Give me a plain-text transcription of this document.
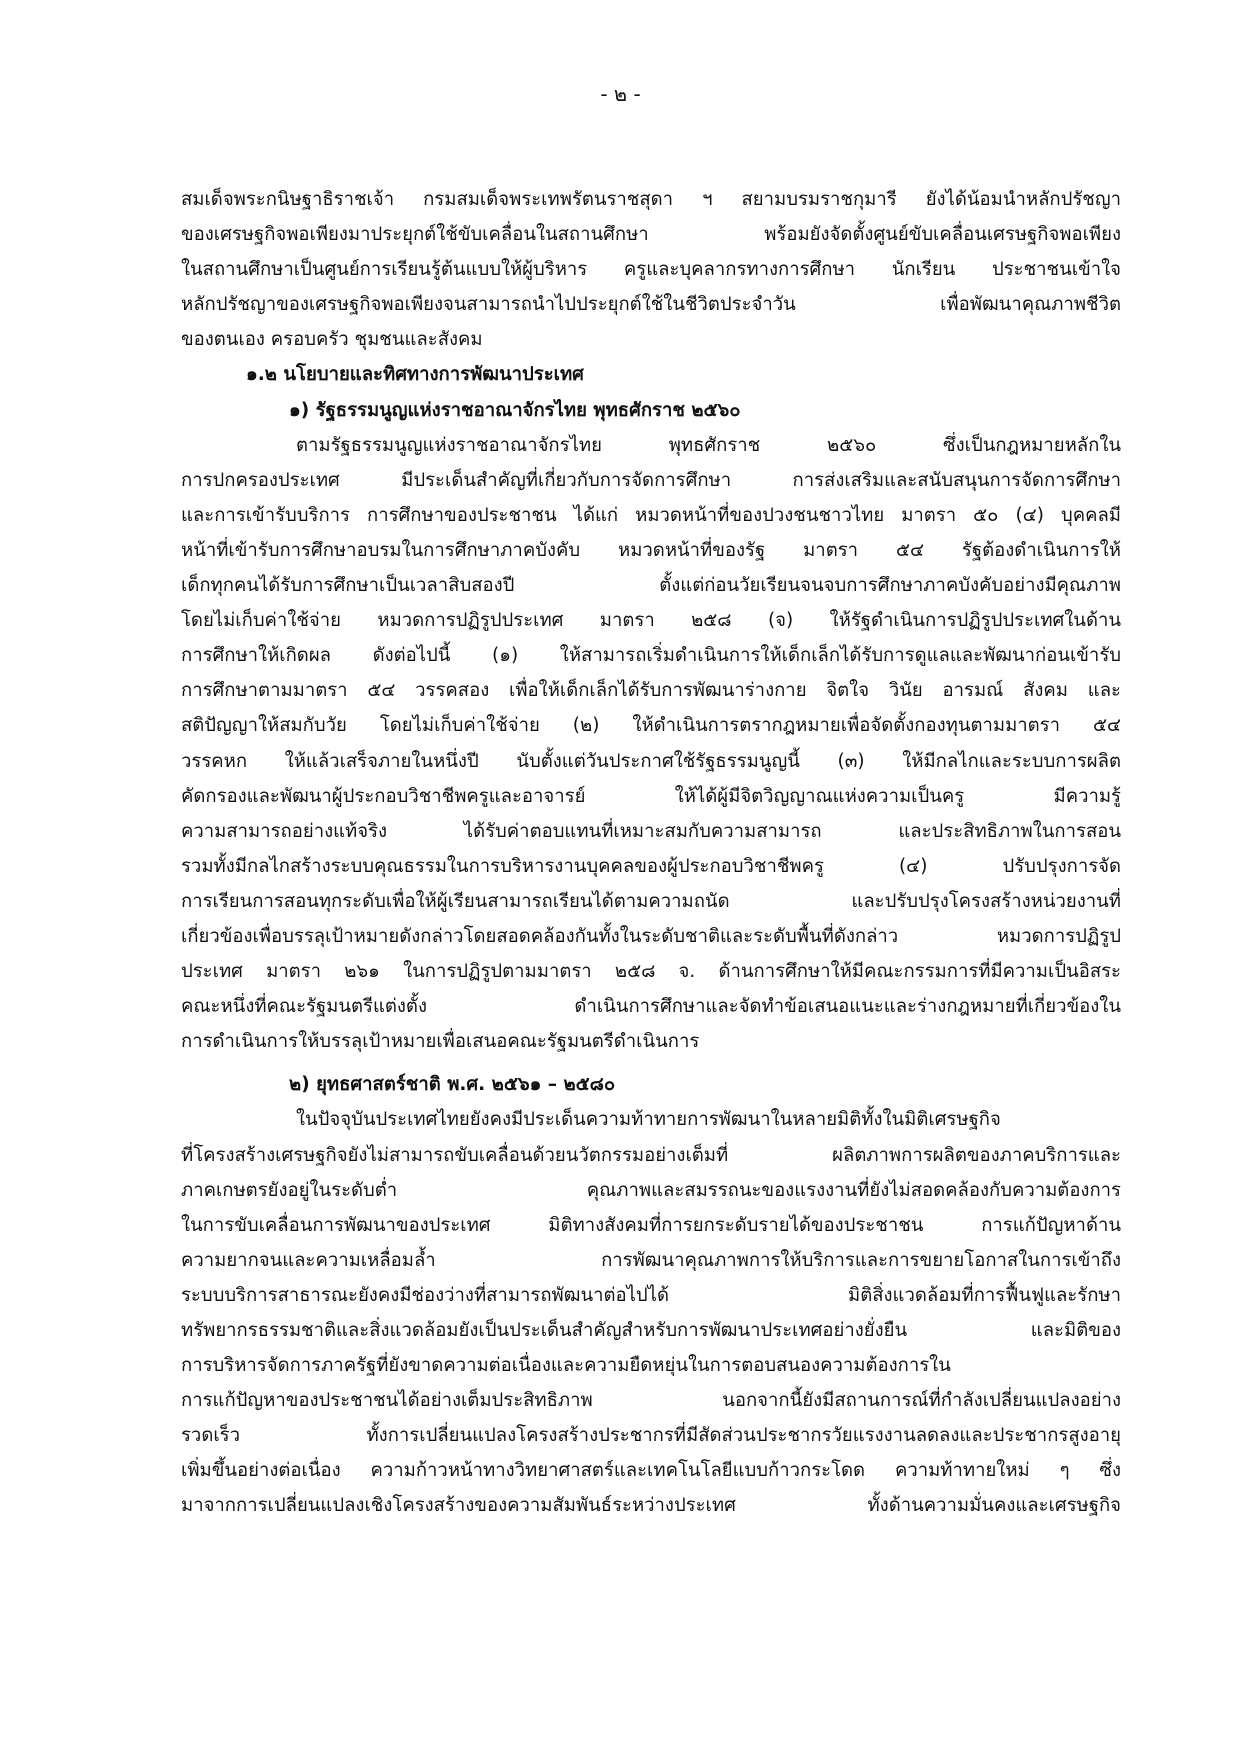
- ๒ -
สมเด็จพระกนิษฐาธิราชเจ้า กรมสมเด็จพระเทพรัตนราชสุดา ฯ สยามบรมราชกุมารี ยังได้น้อมนำหลักปรัชญา
ของเศรษฐกิจพอเพียงมาประยุกต์ใช้ขับเคลื่อนในสถานศึกษา พร้อมยังจัดตั้งศูนย์ขับเคลื่อนเศรษฐกิจพอเพียง
ในสถานศึกษาเป็นศูนย์การเรียนรู้ต้นแบบให้ผู้บริหาร ครูและบุคลากรทางการศึกษา นักเรียน ประชาชนเข้าใจ
หลักปรัชญาของเศรษฐกิจพอเพียงจนสามารถนำไปประยุกต์ใช้ในชีวิตประจำวัน เพื่อพัฒนาคุณภาพชีวิต
ของตนเอง ครอบครัว ชุมชนและสังคม
๑.๒ นโยบายและทิศทางการพัฒนาประเทศ
๑) รัฐธรรมนูญแห่งราชอาณาจักรไทย พุทธศักราช ๒๕๖๐
ตามรัฐธรรมนูญแห่งราชอาณาจักรไทย พุทธศักราช ๒๕๖๐ ซึ่งเป็นกฎหมายหลักใน
การปกครองประเทศ มีประเด็นสำคัญที่เกี่ยวกับการจัดการศึกษา การส่งเสริมและสนับสนุนการจัดการศึกษา
และการเข้ารับบริการ การศึกษาของประชาชน ได้แก่ หมวดหน้าที่ของปวงชนชาวไทย มาตรา ๕๐ (๔) บุคคลมี
หน้าที่เข้ารับการศึกษาอบรมในการศึกษาภาคบังคับ หมวดหน้าที่ของรัฐ มาตรา ๕๔ รัฐต้องดำเนินการให้
เด็กทุกคนได้รับการศึกษาเป็นเวลาสิบสองปี ตั้งแต่ก่อนวัยเรียนจนจบการศึกษาภาคบังคับอย่างมีคุณภาพ
โดยไม่เก็บค่าใช้จ่าย หมวดการปฏิรูปประเทศ มาตรา ๒๕๘ (จ) ให้รัฐดำเนินการปฏิรูปประเทศในด้าน
การศึกษาให้เกิดผล ดังต่อไปนี้ (๑) ให้สามารถเริ่มดำเนินการให้เด็กเล็กได้รับการดูแลและพัฒนาก่อนเข้ารับ
การศึกษาตามมาตรา ๕๔ วรรคสอง เพื่อให้เด็กเล็กได้รับการพัฒนาร่างกาย จิตใจ วินัย อารมณ์ สังคม และ
สติปัญญาให้สมกับวัย โดยไม่เก็บค่าใช้จ่าย (๒) ให้ดำเนินการตรากฎหมายเพื่อจัดตั้งกองทุนตามมาตรา ๕๔
วรรคหก ให้แล้วเสร็จภายในหนึ่งปี นับตั้งแต่วันประกาศใช้รัฐธรรมนูญนี้ (๓) ให้มีกลไกและระบบการผลิต
คัดกรองและพัฒนาผู้ประกอบวิชาชีพครูและอาจารย์ ให้ได้ผู้มีจิตวิญญาณแห่งความเป็นครู มีความรู้
ความสามารถอย่างแท้จริง ได้รับค่าตอบแทนที่เหมาะสมกับความสามารถ และประสิทธิภาพในการสอน
รวมทั้งมีกลไกสร้างระบบคุณธรรมในการบริหารงานบุคคลของผู้ประกอบวิชาชีพครู (๔) ปรับปรุงการจัด
การเรียนการสอนทุกระดับเพื่อให้ผู้เรียนสามารถเรียนได้ตามความถนัด และปรับปรุงโครงสร้างหน่วยงานที่
เกี่ยวข้องเพื่อบรรลุเป้าหมายดังกล่าวโดยสอดคล้องกันทั้งในระดับชาติและระดับพื้นที่ดังกล่าว หมวดการปฏิรูป
ประเทศ มาตรา ๒๖๑ ในการปฏิรูปตามมาตรา ๒๕๘ จ. ด้านการศึกษาให้มีคณะกรรมการที่มีความเป็นอิสระ
คณะหนึ่งที่คณะรัฐมนตรีแต่งตั้ง ดำเนินการศึกษาและจัดทำข้อเสนอแนะและร่างกฎหมายที่เกี่ยวข้องใน
การดำเนินการให้บรรลุเป้าหมายเพื่อเสนอคณะรัฐมนตรีดำเนินการ
๒) ยุทธศาสตร์ชาติ พ.ศ. ๒๕๖๑ – ๒๕๘๐
ในปัจจุบันประเทศไทยยังคงมีประเด็นความท้าทายการพัฒนาในหลายมิติทั้งในมิติเศรษฐกิจ
ที่โครงสร้างเศรษฐกิจยังไม่สามารถขับเคลื่อนด้วยนวัตกรรมอย่างเต็มที่ ผลิตภาพการผลิตของภาคบริการและ
ภาคเกษตรยังอยู่ในระดับต่ำ คุณภาพและสมรรถนะของแรงงานที่ยังไม่สอดคล้องกับความต้องการ
ในการขับเคลื่อนการพัฒนาของประเทศ มิติทางสังคมที่การยกระดับรายได้ของประชาชน การแก้ปัญหาด้าน
ความยากจนและความเหลื่อมล้ำ การพัฒนาคุณภาพการให้บริการและการขยายโอกาสในการเข้าถึง
ระบบบริการสาธารณะยังคงมีช่องว่างที่สามารถพัฒนาต่อไปได้ มิติสิ่งแวดล้อมที่การฟื้นฟูและรักษา
ทรัพยากรธรรมชาติและสิ่งแวดล้อมยังเป็นประเด็นสำคัญสำหรับการพัฒนาประเทศอย่างยั่งยืน และมิติของ
การบริหารจัดการภาครัฐที่ยังขาดความต่อเนื่องและความยืดหยุ่นในการตอบสนองความต้องการใน
การแก้ปัญหาของประชาชนได้อย่างเต็มประสิทธิภาพ นอกจากนี้ยังมีสถานการณ์ที่กำลังเปลี่ยนแปลงอย่าง
รวดเร็ว ทั้งการเปลี่ยนแปลงโครงสร้างประชากรที่มีสัดส่วนประชากรวัยแรงงานลดลงและประชากรสูงอายุ
เพิ่มขึ้นอย่างต่อเนื่อง ความก้าวหน้าทางวิทยาศาสตร์และเทคโนโลยีแบบก้าวกระโดด ความท้าทายใหม่ ๆ ซึ่ง
มาจากการเปลี่ยนแปลงเชิงโครงสร้างของความสัมพันธ์ระหว่างประเทศ ทั้งด้านความมั่นคงและเศรษฐกิจ
